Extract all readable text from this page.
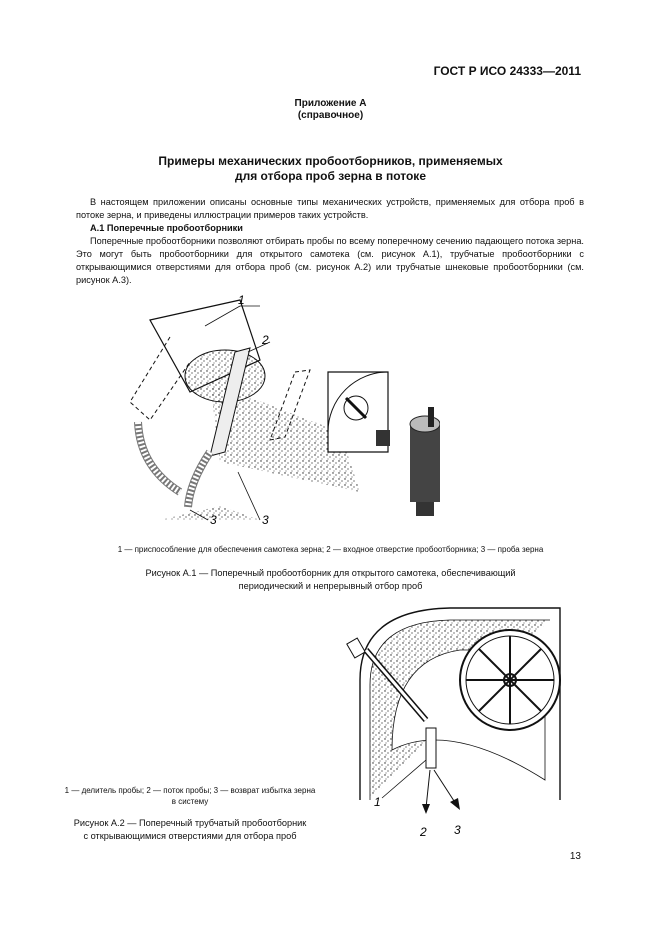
ГОСТ Р ИСО 24333—2011
Приложение А
(справочное)
Примеры механических пробоотборников, применяемых
для отбора проб зерна в потоке

В настоящем приложении описаны основные типы механических устройств, применяемых для отбора проб в потоке зерна, и приведены иллюстрации примеров таких устройств.

А.1 Поперечные пробоотборники

Поперечные пробоотборники позволяют отбирать пробы по всему поперечному сечению падающего потока зерна. Это могут быть пробоотборники для открытого самотека (см. рисунок А.1), трубчатые пробоотборники с открывающимися отверстиями для отбора проб (см. рисунок А.2) или трубчатые шнековые пробоотборники (см. рисунок А.3).

1
2
3	3
1 — приспособление для обеспечения самотека зерна; 2 — входное отверстие пробоотборника; 3 — проба зерна
Рисунок А.1 — Поперечный пробоотборник для открытого самотека, обеспечивающий
периодический и непрерывный отбор проб
1
2 3
1 — делитель пробы; 2 — поток пробы; 3 — возврат избытка зерна
в систему
Рисунок А.2 — Поперечный трубчатый пробоотборник
с открывающимися отверстиями для отбора проб
13
